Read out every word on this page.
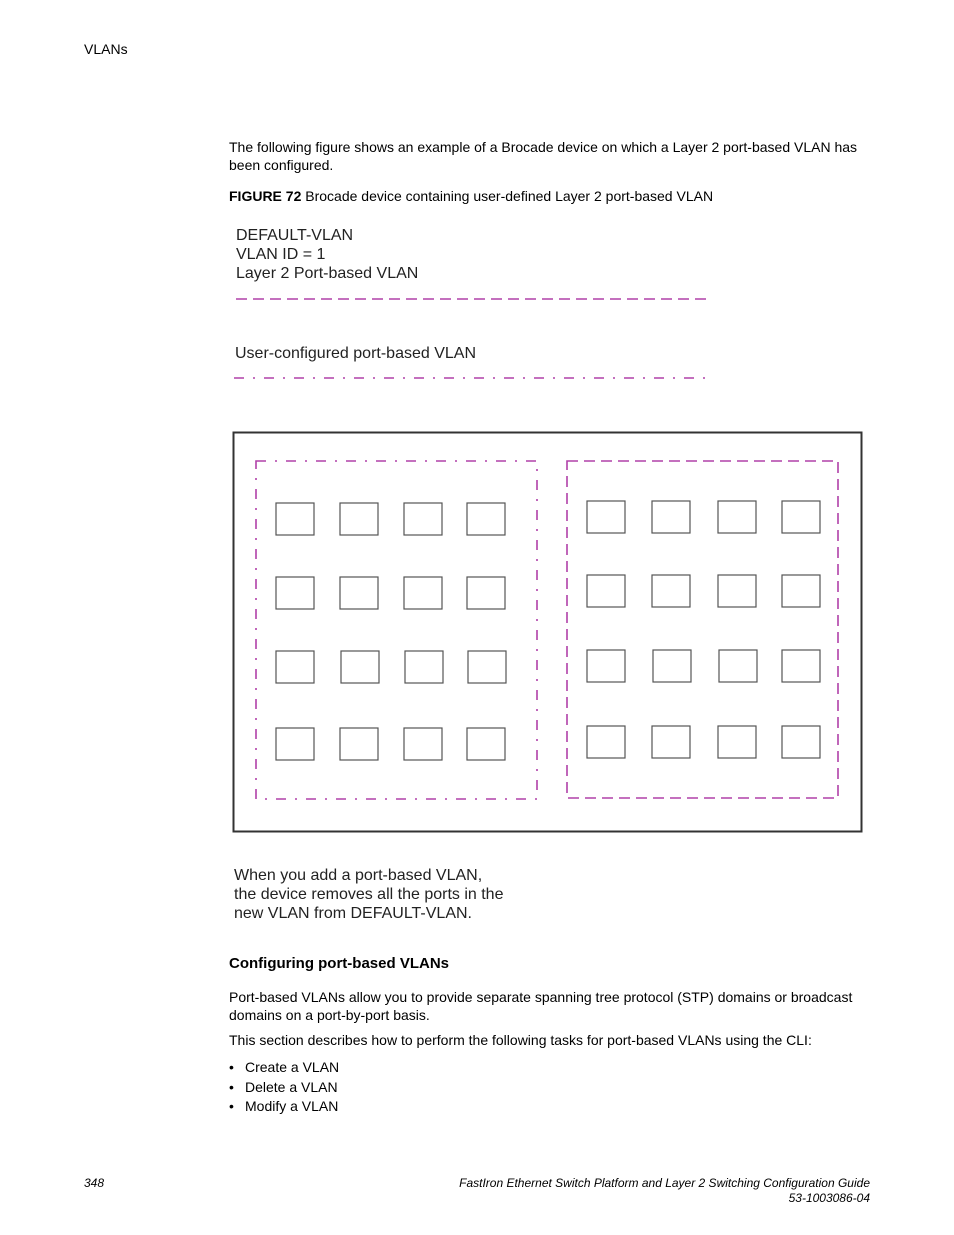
VLANs
The following figure shows an example of a Brocade device on which a Layer 2 port-based VLAN has been configured.
FIGURE 72 Brocade device containing user-defined Layer 2 port-based VLAN
DEFAULT-VLAN
VLAN ID = 1
Layer 2 Port-based VLAN
User-configured port-based VLAN
When you add a port-based VLAN,
the device removes all the ports in the
new VLAN from DEFAULT-VLAN.
Configuring port-based VLANs
Port-based VLANs allow you to provide separate spanning tree protocol (STP) domains or broadcast domains on a port-by-port basis.
This section describes how to perform the following tasks for port-based VLANs using the CLI:
• Create a VLAN
• Delete a VLAN
• Modify a VLAN
348	FastIron Ethernet Switch Platform and Layer 2 Switching Configuration Guide
53-1003086-04
